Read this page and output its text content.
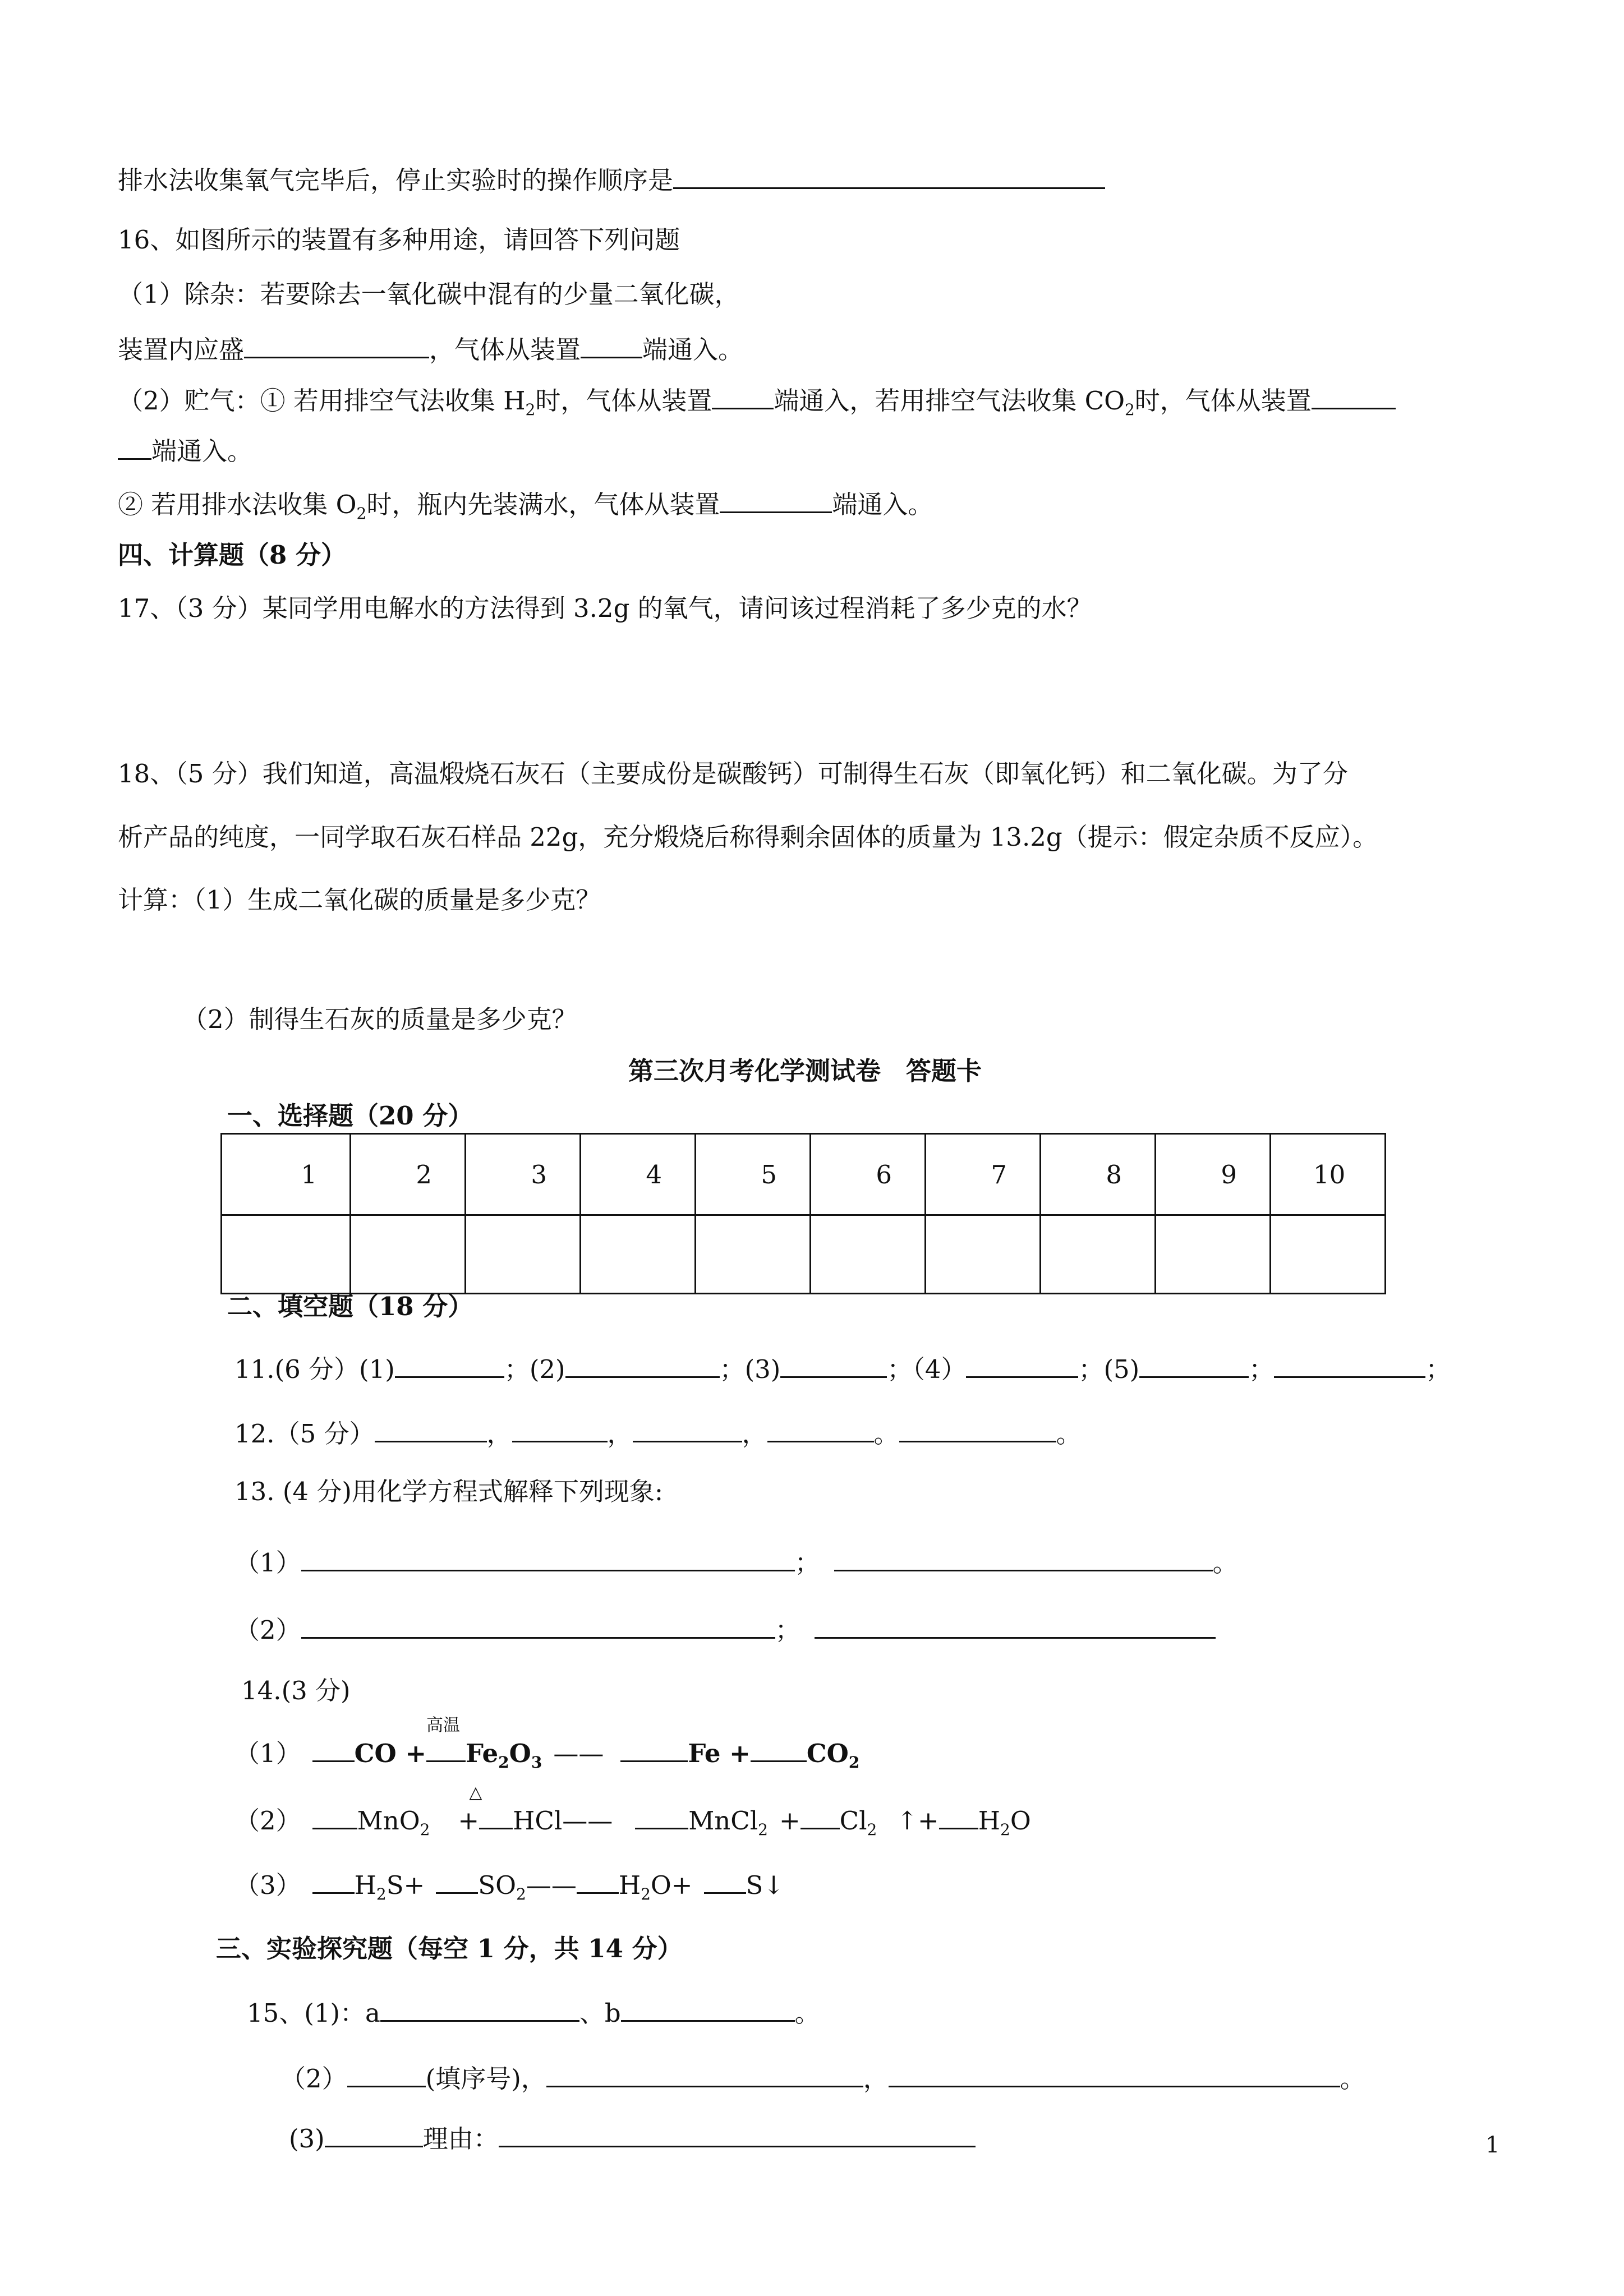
排水法收集氧气完毕后，停止实验时的操作顺序是
16、如图所示的装置有多种用途，请回答下列问题
（1）除杂：若要除去一氧化碳中混有的少量二氧化碳，
装置内应盛	，气体从装置 端通入。
（2）贮气：① 若用排空气法收集 $H_2$时，气体从装置 端通入，若用排空气法收集 $CO_2$时，气体从装置
端通入。
② 若用排水法收集 $O_2$时，瓶内先装满水，气体从装置	端通入。
四、计算题（8 分）
17、（3 分）某同学用电解水的方法得到 3.2g 的氧气，请问该过程消耗了多少克的水？
18、（5 分）我们知道，高温煅烧石灰石（主要成份是碳酸钙）可制得生石灰（即氧化钙）和二氧化碳。为了分
析产品的纯度，一同学取石灰石样品 22g，充分煅烧后称得剩余固体的质量为 13.2g（提示：假定杂质不反应）。
计算：（1）生成二氧化碳的质量是多少克？
（2）制得生石灰的质量是多少克？
第三次月考化学测试卷　答题卡
一、选择题（20 分）
1	2	3	4	5	6	7	8	9	10

二、填空题（18 分）
11.(6 分）(1)	；(2)	；(3)	；（4）	；(5)	；	；
12.（5 分）	，	，	，	。	。
13. (4 分)用化学方程式解释下列现象:
（1）	；	。
（2）	；
14.(3 分)
（1） CO +
高温
$Fe_2O_3$ ——	$Fe + CO_2$
（2） MnO$_2$
△
+ HCl——	MnCl$_2$ + $Cl_2$ ↑+ $H_2O$
（3） $H_2S+$ $SO_2——$ $H_2O+$ S↓
三、实验探究题（每空 1 分，共 14 分）
15、(1)：a	、b	。
（2）	(填序号)，	，	。
(3)	理由：	1
